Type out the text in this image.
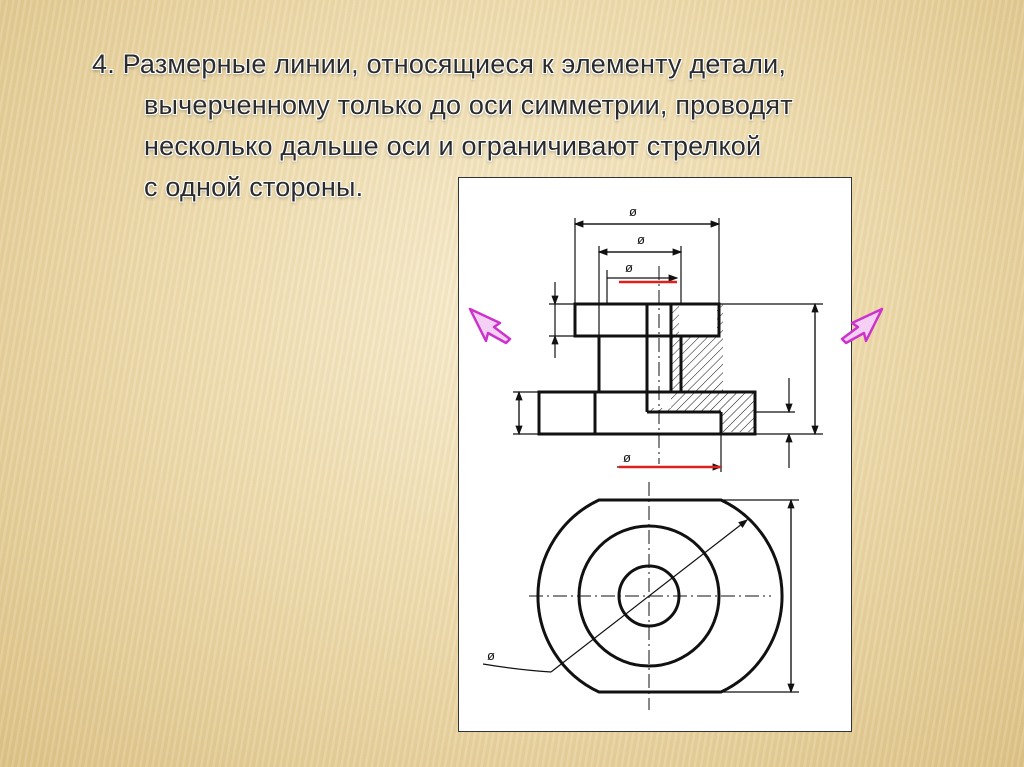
4. Размерные линии, относящиеся к элементу детали,
вычерченному только до оси симметрии, проводят
несколько дальше оси и ограничивают стрелкой
с одной стороны.
ø
ø
ø
ø
ø
